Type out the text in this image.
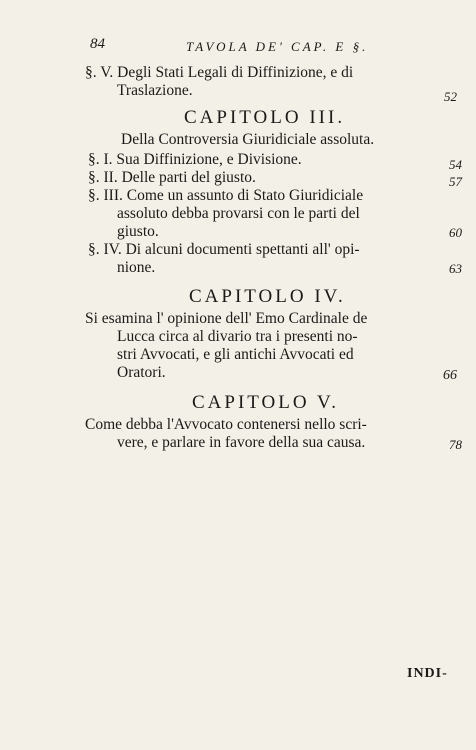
84	TAVOLA DE' CAP. E §.
§. V. Degli Stati Legali di Diffinizione, e di
Traslazione.	52
CAPITOLO III.
Della Controversia Giuridiciale assoluta.
§. I. Sua Diffinizione, e Divisione.	54
§. II. Delle parti del giusto.	57
§. III. Come un assunto di Stato Giuridiciale
assoluto debba provarsi con le parti del
giusto.	60
§. IV. Di alcuni documenti spettanti all' opi-
nione.	63
CAPITOLO IV.
Si esamina l' opinione dell' Emo Cardinale de
Lucca circa al divario tra i presenti no-
stri Avvocati, e gli antichi Avvocati ed
Oratori.	66
CAPITOLO V.
Come debba l'Avvocato contenersi nello scri-
vere, e parlare in favore della sua causa.	78
INDI-
